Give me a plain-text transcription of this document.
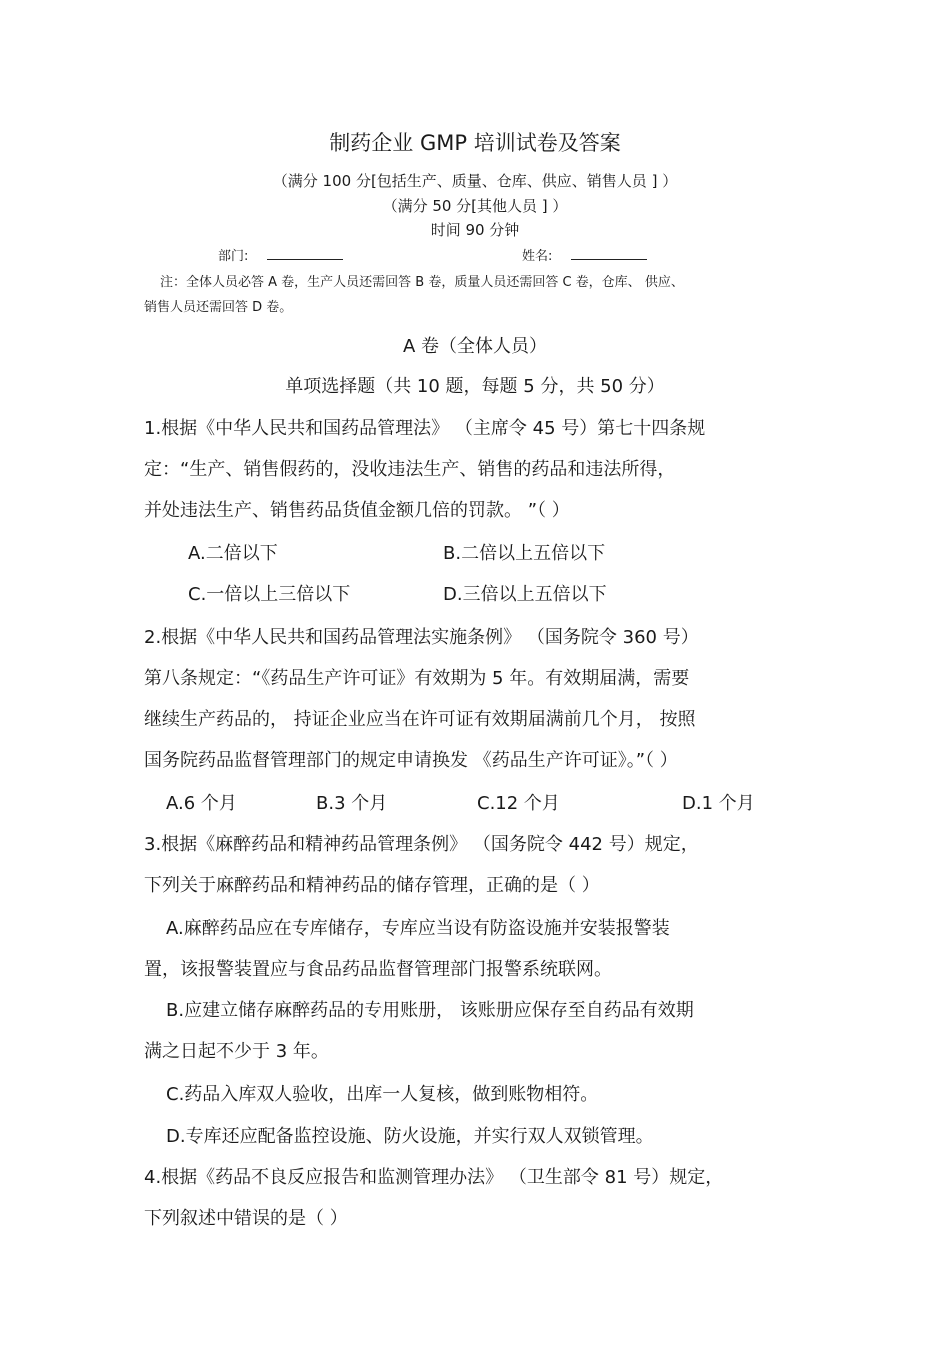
制药企业 GMP 培训试卷及答案
（满分 100 分[包括生产、质量、仓库、供应、销售人员 ] ）
（满分 50 分[其他人员 ] ）
时间 90 分钟
部门:	姓名:
注：全体人员必答 A 卷，生产人员还需回答 B 卷，质量人员还需回答 C 卷，仓库、 供应、
销售人员还需回答 D 卷。
A 卷（全体人员）
单项选择题（共 10 题，每题 5 分，共 50 分）
1.根据《中华人民共和国药品管理法》 （主席令 45 号）第七十四条规
定：“生产、销售假药的，没收违法生产、销售的药品和违法所得，
并处违法生产、销售药品货值金额几倍的罚款。 ”（ ）
A.二倍以下	B.二倍以上五倍以下
C.一倍以上三倍以下	D.三倍以上五倍以下
2.根据《中华人民共和国药品管理法实施条例》 （国务院令 360 号）
第八条规定：“《药品生产许可证》有效期为 5 年。有效期届满，需要
继续生产药品的， 持证企业应当在许可证有效期届满前几个月， 按照
国务院药品监督管理部门的规定申请换发 《药品生产许可证》。”（ ）
A.6 个月	B.3 个月	C.12 个月	D.1 个月
3.根据《麻醉药品和精神药品管理条例》 （国务院令 442 号）规定，
下列关于麻醉药品和精神药品的储存管理，正确的是（ ）
A.麻醉药品应在专库储存，专库应当设有防盗设施并安装报警装
置，该报警装置应与食品药品监督管理部门报警系统联网。
B.应建立储存麻醉药品的专用账册， 该账册应保存至自药品有效期
满之日起不少于 3 年。
C.药品入库双人验收，出库一人复核，做到账物相符。
D.专库还应配备监控设施、防火设施，并实行双人双锁管理。
4.根据《药品不良反应报告和监测管理办法》 （卫生部令 81 号）规定，
下列叙述中错误的是（ ）
